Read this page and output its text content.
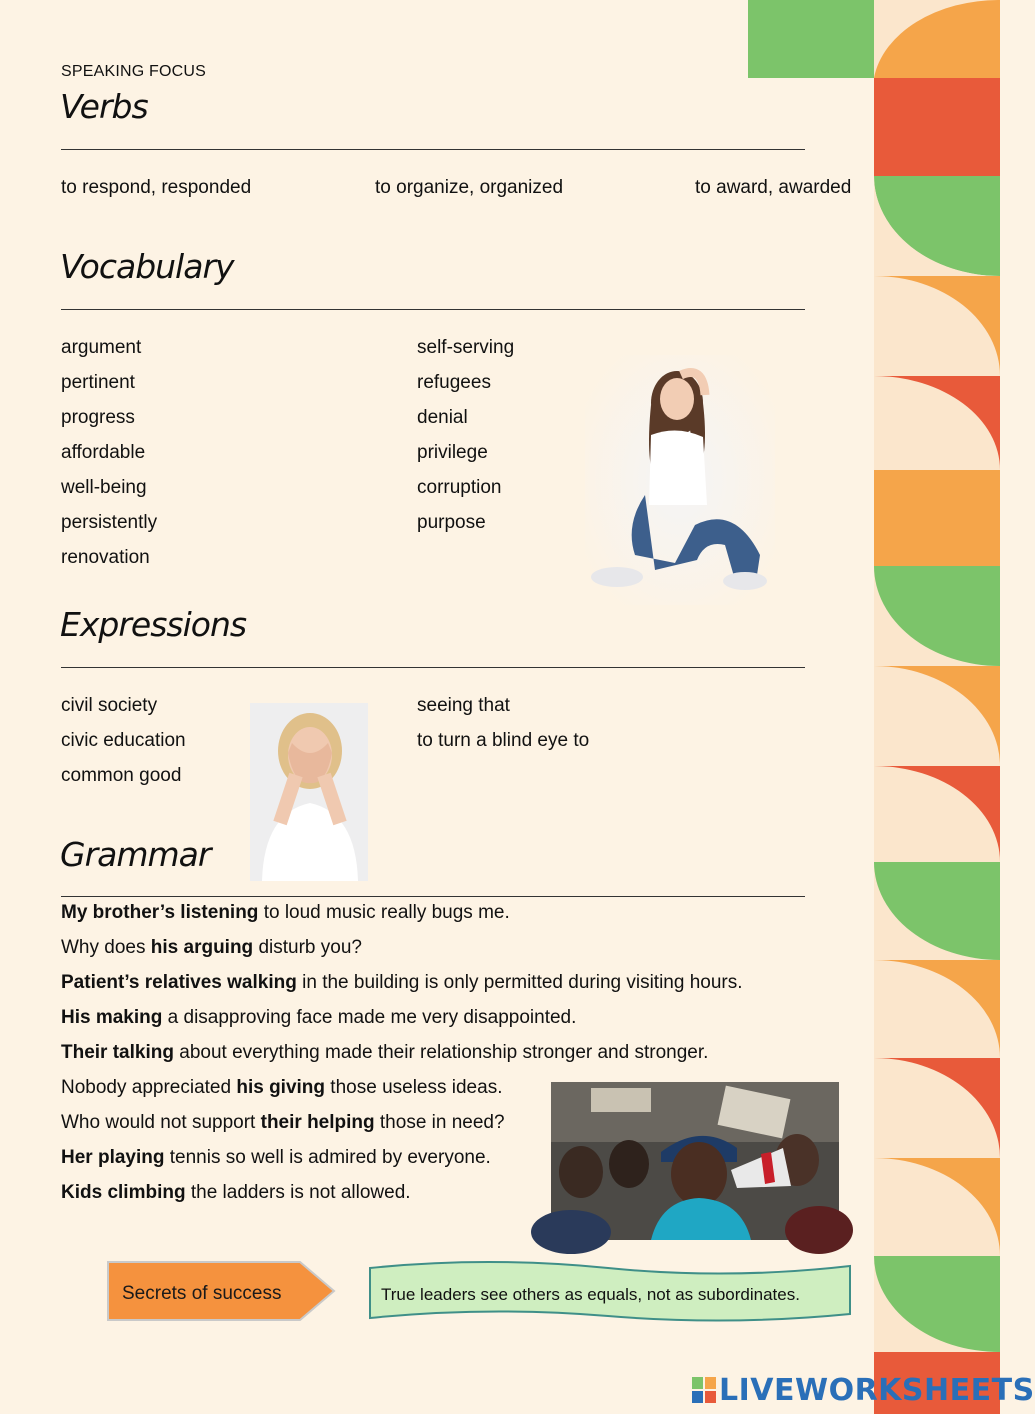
SPEAKING FOCUS
Verbs
to respond, responded	to organize, organized	to award, awarded
Vocabulary
argument
pertinent
progress
affordable
well-being
persistently
renovation
self-serving
refugees
denial
privilege
corruption
purpose
Expressions
civil society
civic education
common good
seeing that
to turn a blind eye to
Grammar
My brother’s listening to loud music really bugs me.
Why does his arguing disturb you?
Patient’s relatives walking in the building is only permitted during visiting hours.
His making a disapproving face made me very disappointed.
Their talking about everything made their relationship stronger and stronger.
Nobody appreciated his giving those useless ideas.
Who would not support their helping those in need?
Her playing tennis so well is admired by everyone.
Kids climbing the ladders is not allowed.
Secrets of success	True leaders see others as equals, not as subordinates.
LIVEWORKSHEETS
